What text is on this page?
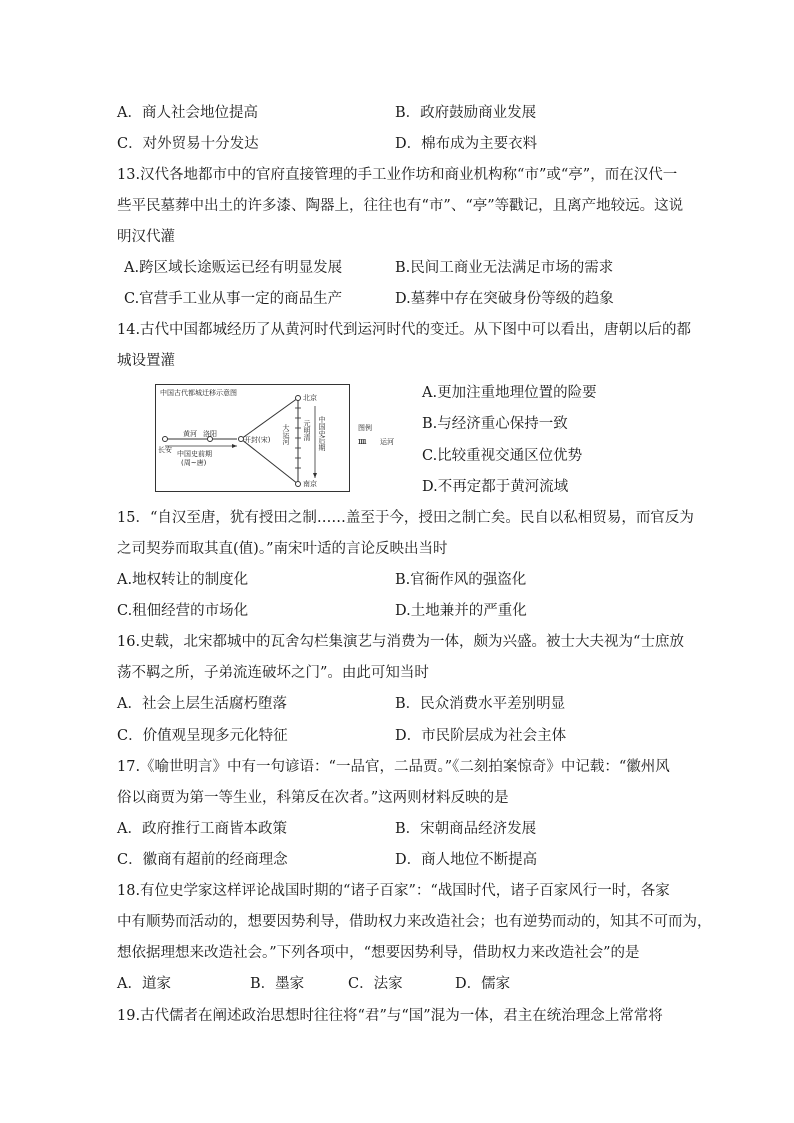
A．商人社会地位提高	B．政府鼓励商业发展
C．对外贸易十分发达	D．棉布成为主要衣料
13.汉代各地都市中的官府直接管理的手工业作坊和商业机构称“市”或“亭”，而在汉代一
些平民墓葬中出土的许多漆、陶器上，往往也有“市”、“亭”等戳记，且离产地较远。这说
明汉代灌
A.跨区域长途贩运已经有明显发展	B.民间工商业无法满足市场的需求
C.官营手工业从事一定的商品生产	D.墓葬中存在突破身份等级的趋象
14.古代中国都城经历了从黄河时代到运河时代的变迁。从下图中可以看出，唐朝以后的都
城设置灌
中国古代都城迁移示意图
北京
南京
开封(宋)
长安
洛阳
黄河
中国史前期
(周~唐)
大运河 元明清 中国史后期	图例
ıııı 运河
A.更加注重地理位置的险要
B.与经济重心保持一致
C.比较重视交通区位优势
D.不再定都于黄河流域
15．“自汉至唐，犹有授田之制……盖至于今，授田之制亡矣。民自以私相贸易，而官反为
之司契券而取其直(值)。”南宋叶适的言论反映出当时
A.地权转让的制度化	B.官衙作风的强盗化
C.租佃经营的市场化	D.土地兼并的严重化
16.史载，北宋都城中的瓦舍勾栏集演艺与消费为一体，颇为兴盛。被士大夫视为“士庶放
荡不羁之所，子弟流连破坏之门”。由此可知当时
A．社会上层生活腐朽堕落	B．民众消费水平差别明显
C．价值观呈现多元化特征	D．市民阶层成为社会主体
17.《喻世明言》中有一句谚语：“一品官，二品贾。”《二刻拍案惊奇》中记载：“徽州风
俗以商贾为第一等生业，科第反在次者。”这两则材料反映的是
A．政府推行工商皆本政策	B．宋朝商品经济发展
C．徽商有超前的经商理念	D．商人地位不断提高
18.有位史学家这样评论战国时期的“诸子百家”：“战国时代，诸子百家风行一时，各家
中有顺势而活动的，想要因势利导，借助权力来改造社会；也有逆势而动的，知其不可而为，
想依据理想来改造社会。”下列各项中，“想要因势利导，借助权力来改造社会”的是
A．道家	B．墨家	C．法家	D．儒家
19.古代儒者在阐述政治思想时往往将“君”与“国”混为一体，君主在统治理念上常常将
